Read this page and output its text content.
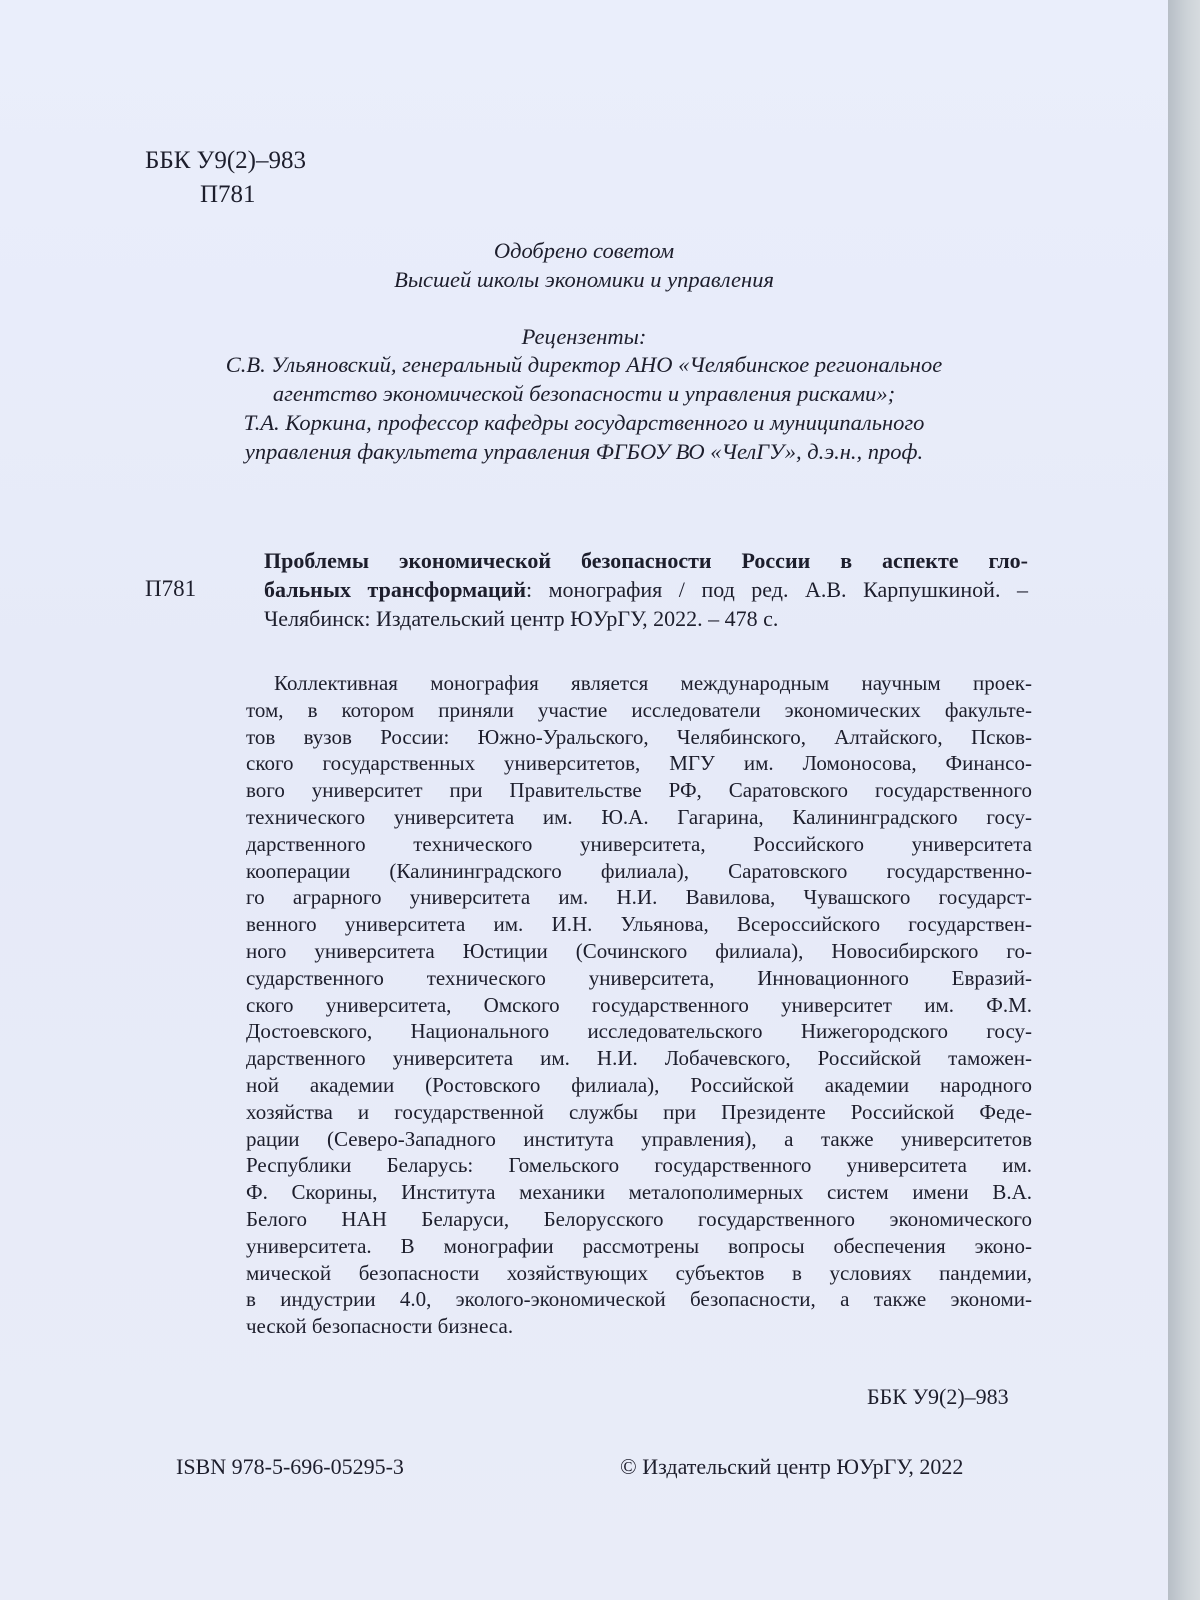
ББК У9(2)–983
П781
Одобрено советом
Высшей школы экономики и управления
Рецензенты:
С.В. Ульяновский, генеральный директор АНО «Челябинское региональное
агентство экономической безопасности и управления рисками»;
Т.А. Коркина, профессор кафедры государственного и муниципального
управления факультета управления ФГБОУ ВО «ЧелГУ», д.э.н., проф.
П781
Проблемы экономической безопасности России в аспекте гло-
бальных трансформаций: монография / под ред. А.В. Карпушкиной. –
Челябинск: Издательский центр ЮУрГУ, 2022. – 478 с.
Коллективная монография является международным научным проек-
том, в котором приняли участие исследователи экономических факульте-
тов вузов России: Южно-Уральского, Челябинского, Алтайского, Псков-
ского государственных университетов, МГУ им. Ломоносова, Финансо-
вого университет при Правительстве РФ, Саратовского государственного
технического университета им. Ю.А. Гагарина, Калининградского госу-
дарственного технического университета, Российского университета
кооперации (Калининградского филиала), Саратовского государственно-
го аграрного университета им. Н.И. Вавилова, Чувашского государст-
венного университета им. И.Н. Ульянова, Всероссийского государствен-
ного университета Юстиции (Сочинского филиала), Новосибирского го-
сударственного технического университета, Инновационного Евразий-
ского университета, Омского государственного университет им. Ф.М.
Достоевского, Национального исследовательского Нижегородского госу-
дарственного университета им. Н.И. Лобачевского, Российской таможен-
ной академии (Ростовского филиала), Российской академии народного
хозяйства и государственной службы при Президенте Российской Феде-
рации (Северо-Западного института управления), а также университетов
Республики Беларусь: Гомельского государственного университета им.
Ф. Скорины, Института механики металополимерных систем имени В.А.
Белого НАН Беларуси, Белорусского государственного экономического
университета. В монографии рассмотрены вопросы обеспечения эконо-
мической безопасности хозяйствующих субъектов в условиях пандемии,
в индустрии 4.0, эколого-экономической безопасности, а также экономи-
ческой безопасности бизнеса.
ББК У9(2)–983
ISBN 978-5-696-05295-3	© Издательский центр ЮУрГУ, 2022
